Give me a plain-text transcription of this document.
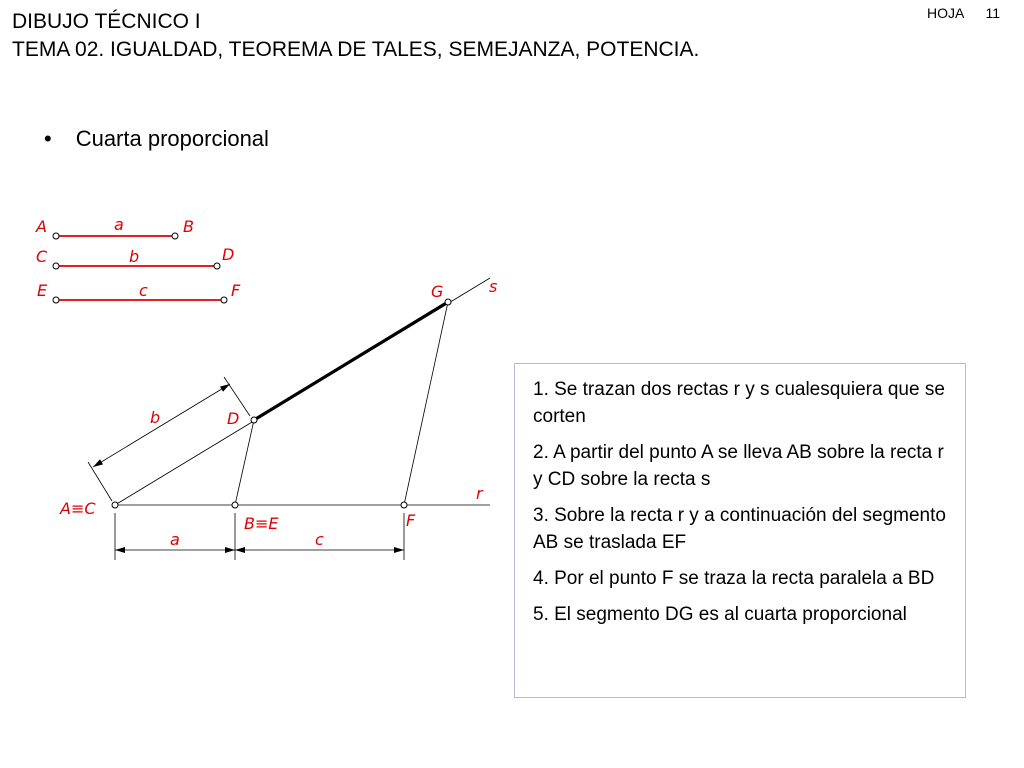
DIBUJO TÉCNICO I
TEMA 02. IGUALDAD, TEOREMA DE TALES, SEMEJANZA, POTENCIA.
HOJA 11
• Cuarta proporcional
A	a	B
C	b	D
E	c	F
b
a	c
A≡C
B≡E	F
D
G
r
s

1. Se trazan dos rectas r y s cualesquiera que se corten

2. A partir del punto A se lleva AB sobre la recta r y CD sobre la recta s

3. Sobre la recta r y a continuación del segmento AB se traslada EF

4. Por el punto F se traza la recta paralela a BD

5. El segmento DG es al cuarta proporcional
